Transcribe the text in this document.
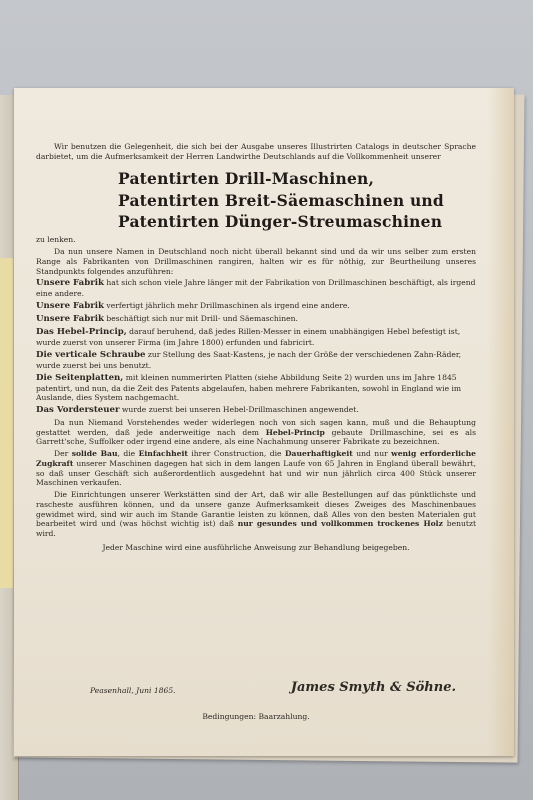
Wir benutzen die Gelegenheit, die sich bei der Ausgabe unseres Illustrirten Catalogs in deutscher Sprache darbietet, um die Aufmerksamkeit der Herren Landwirthe Deutschlands auf die Vollkommenheit unserer

Patentirten Drill-Maschinen,
Patentirten Breit-Säemaschinen und
Patentirten Dünger-Streumaschinen

zu lenken.

Da nun unsere Namen in Deutschland noch nicht überall bekannt sind und da wir uns selber zum ersten Range als Fabrikanten von Drillmaschinen rangiren, halten wir es für nöthig, zur Beurtheilung unseres Standpunkts folgendes anzuführen:

Unsere Fabrik hat sich schon viele Jahre länger mit der Fabrikation von Drillmaschinen beschäftigt, als irgend eine andere.
Unsere Fabrik verfertigt jährlich mehr Drillmaschinen als irgend eine andere.
Unsere Fabrik beschäftigt sich nur mit Drill- und Säemaschinen.
Das Hebel-Princip, darauf beruhend, daß jedes Rillen-Messer in einem unabhängigen Hebel befestigt ist, wurde zuerst von unserer Firma (im Jahre 1800) erfunden und fabricirt.
Die verticale Schraube zur Stellung des Saat-Kastens, je nach der Größe der verschiedenen Zahn-Räder, wurde zuerst bei uns benutzt.
Die Seitenplatten, mit kleinen nummerirten Platten (siehe Abbildung Seite 2) wurden uns im Jahre 1845 patentirt, und nun, da die Zeit des Patents abgelaufen, haben mehrere Fabrikanten, sowohl in England wie im Auslande, dies System nachgemacht.
Das Vordersteuer wurde zuerst bei unseren Hebel-Drillmaschinen angewendet.

Da nun Niemand Vorstehendes weder widerlegen noch von sich sagen kann, muß und die Behauptung gestattet werden, daß jede anderweitige nach dem Hebel-Princip gebaute Drillmaschine, sei es als Garrett'sche, Suffolker oder irgend eine andere, als eine Nachahmung unserer Fabrikate zu bezeichnen.

Der solide Bau, die Einfachheit ihrer Construction, die Dauerhaftigkeit und nur wenig erforderliche Zugkraft unserer Maschinen dagegen hat sich in dem langen Laufe von 65 Jahren in England überall bewährt, so daß unser Geschäft sich außerordentlich ausgedehnt hat und wir nun jährlich circa 400 Stück unserer Maschinen verkaufen.

Die Einrichtungen unserer Werkstätten sind der Art, daß wir alle Bestellungen auf das pünktlichste und rascheste ausführen können, und da unsere ganze Aufmerksamkeit dieses Zweiges des Maschinenbaues gewidmet wird, sind wir auch im Stande Garantie leisten zu können, daß Alles von den besten Materialen gut bearbeitet wird und (was höchst wichtig ist) daß nur gesundes und vollkommen trockenes Holz benutzt wird.

Jeder Maschine wird eine ausführliche Anweisung zur Behandlung beigegeben.

Peasenhall, Juni 1865.	James Smyth & Söhne.
Bedingungen: Baarzahlung.
